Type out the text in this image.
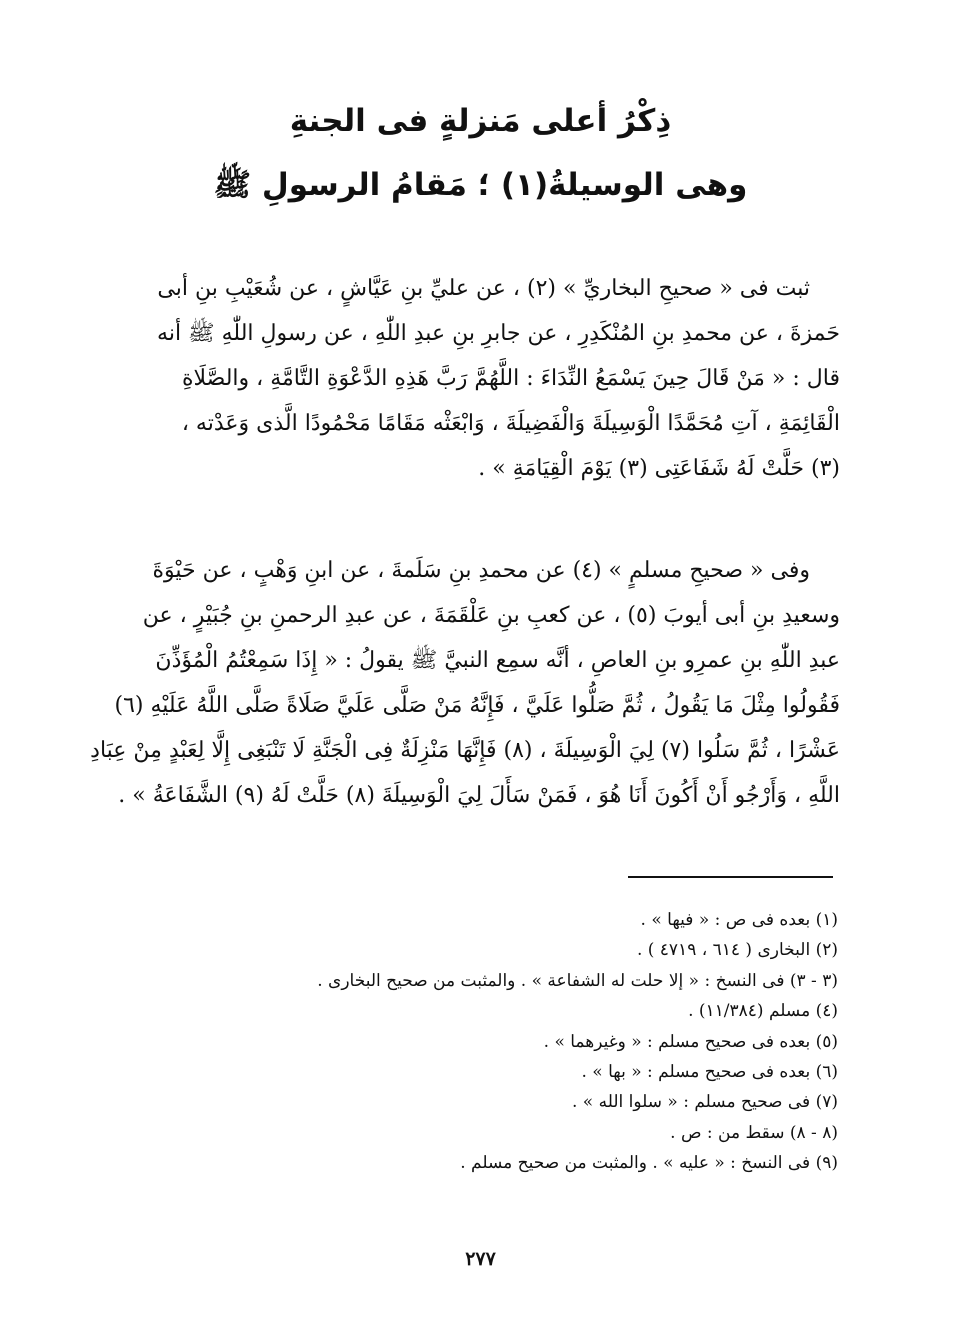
ذِكْرُ أعلى مَنزلةٍ فى الجنةِ
وهى الوسيلةُ(١) ؛ مَقامُ الرسولِ ﷺ
ثبت فى « صحيحِ البخاريِّ » (٢) ، عن عليِّ بنِ عَيَّاشٍ ، عن شُعَيْبِ بنِ أبى
حَمزةَ ، عن محمدِ بنِ المُنْكَدِرِ ، عن جابرِ بنِ عبدِ اللّٰهِ ، عن رسولِ اللّٰهِ ﷺ أنه
قال : « مَنْ قَالَ حِينَ يَسْمَعُ النِّدَاءَ : اللَّهُمَّ رَبَّ هَذِهِ الدَّعْوَةِ التَّامَّةِ ، والصَّلَاةِ
الْقَائِمَةِ ، آتِ مُحَمَّدًا الْوَسِيلَةَ وَالْفَضِيلَةَ ، وَابْعَثْه مَقَامًا مَحْمُودًا الَّذى وَعَدْته ،
(٣) حَلَّتْ لَهُ شَفَاعَتِى (٣) يَوْمَ الْقِيَامَةِ » .
وفى « صحيحِ مسلمٍ » (٤) عن محمدِ بنِ سَلَمةَ ، عن ابنِ وَهْبٍ ، عن حَيْوَةَ
وسعيدِ بنِ أبى أيوبَ (٥) ، عن كعبِ بنِ عَلْقَمَةَ ، عن عبدِ الرحمنِ بنِ جُبَيْرٍ ، عن
عبدِ اللّٰهِ بنِ عمرِو بنِ العاصِ ، أنَّه سمِع النبيَّ ﷺ يقولُ : « إِذَا سَمِعْتُمُ الْمُؤَذِّنَ
فَقُولُوا مِثْلَ مَا يَقُولُ ، ثُمَّ صَلُّوا عَلَيَّ ، فَإِنَّهُ مَنْ صَلَّى عَلَيَّ صَلَاةً صَلَّى اللَّهُ عَلَيْهِ (٦)
عَشْرًا ، ثُمَّ سَلُوا (٧) لِيَ الْوَسِيلَةَ ، (٨) فَإِنَّهَا مَنْزِلَةٌ فِى الْجَنَّةِ لَا تَنْبَغِى إِلَّا لِعَبْدٍ مِنْ عِبَادِ
اللَّهِ ، وَأَرْجُو أَنْ أَكُونَ أَنَا هُوَ ، فَمَنْ سَأَلَ لِيَ الْوَسِيلَةَ (٨) حَلَّتْ لَهُ (٩) الشَّفَاعَةُ » .
(١) بعده فى ص : « فيها » .
(٢) البخارى ( ٦١٤ ، ٤٧١٩ ) .
(٣ - ٣) فى النسخ : « إلا حلت له الشفاعة » . والمثبت من صحيح البخارى .
(٤) مسلم (١١/٣٨٤) .
(٥) بعده فى صحيح مسلم : « وغيرهما » .
(٦) بعده فى صحيح مسلم : « بها » .
(٧) فى صحيح مسلم : « سلوا الله » .
(٨ - ٨) سقط من : ص .
(٩) فى النسخ : « عليه » . والمثبت من صحيح مسلم .
٢٧٧
